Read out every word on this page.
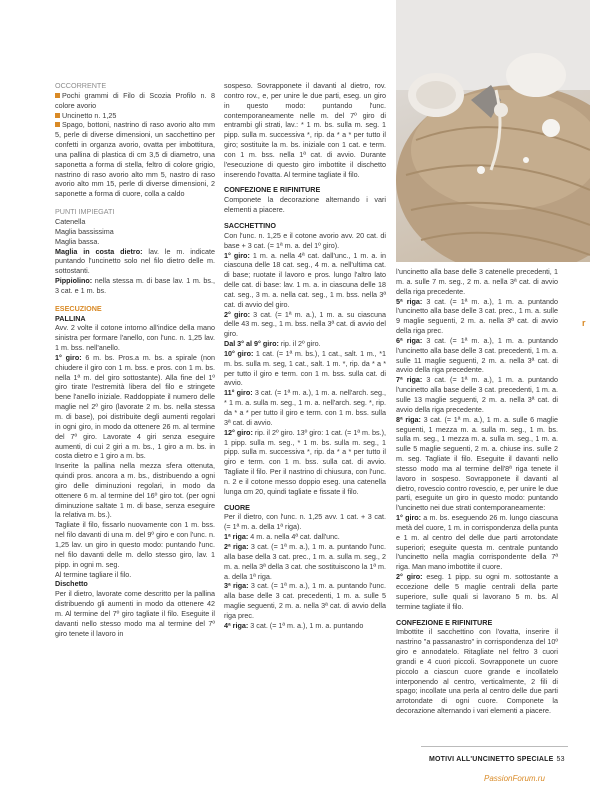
OCCORRENTE

Pochi grammi di Filo di Scozia Profilo n. 8 colore avorio

Uncinetto n. 1,25

Spago, bottoni, nastrino di raso avorio alto mm 5, perle di diverse dimensioni, un sacchettino per confetti in organza avorio, ovatta per imbottitura, una pallina di plastica di cm 3,5 di diametro, una saponetta a forma di stella, feltro di colore grigio, nastrino di raso avorio alto mm 5, nastro di raso avorio alto mm 15, perle di diverse dimensioni, 2 saponette a forma di cuore, colla a caldo

PUNTI IMPIEGATI

Catenella

Maglia bassissima

Maglia bassa.

Maglia in costa dietro: lav. le m. indicate puntando l'uncinetto solo nel filo dietro delle m. sottostanti.

Pippiolino: nella stessa m. di base lav. 1 m. bs., 3 cat. e 1 m. bs.

ESECUZIONE

PALLINA

Avv. 2 volte il cotone intorno all'indice della mano sinistra per formare l'anello, con l'unc. n. 1,25 lav. 1 m. bss. nell'anello.

1° giro: 6 m. bs. Pros.a m. bs. a spirale (non chiudere il giro con 1 m. bss. e pros. con 1 m. bs. nella 1ª m. del giro sottostante). Alla fine del 1º giro tirate l'estremità libera del filo e stringete bene l'anello iniziale. Raddoppiate il numero delle maglie nel 2º giro (lavorate 2 m. bs. nella stessa m. di base), poi distribuite degli aumenti regolari in ogni giro, in modo da ottenere 26 m. al termine del 7º giro. Lavorate 4 giri senza eseguire aumenti, di cui 2 giri a m. bs., 1 giro a m. bs. in costa dietro e 1 giro a m. bs.

Inserite la pallina nella mezza sfera ottenuta, quindi pros. ancora a m. bs., distribuendo a ogni giro delle diminuzioni regolari, in modo da ottenere 6 m. al termine del 16º giro tot. (per ogni diminuzione saltate 1 m. di base, senza eseguire la relativa m. bs.).

Tagliate il filo, fissarlo nuovamente con 1 m. bss. nel filo davanti di una m. del 9º giro e con l'unc. n. 1,25 lav. un giro in questo modo: puntando l'unc. nel filo davanti delle m. dello stesso giro, lav. 1 pipp. in ogni m. seg.

Al termine tagliare il filo.

Dischetto

Per il dietro, lavorate come descritto per la pallina distribuendo gli aumenti in modo da ottenere 42 m. Al termine del 7º giro tagliate il filo. Eseguite il davanti nello stesso modo ma al termine del 7º giro tenete il lavoro in

sospeso. Sovrapponete il davanti al dietro, rov. contro rov., e, per unire le due parti, eseg. un giro in questo modo: puntando l'unc. contemporaneamente nelle m. del 7º giro di entrambi gli strati, lav.: * 1 m. bs. sulla m. seg. 1 pipp. sulla m. successiva *, rip. da * a * per tutto il giro; sostituite la m. bs. iniziale con 1 cat. e term. con 1 m. bss. nella 1ª cat. di avvio. Durante l'esecuzione di questo giro imbottite il dischetto inserendo l'ovatta. Al termine tagliate il filo.

CONFEZIONE E RIFINITURE

Componete la decorazione alternando i vari elementi a piacere.

SACCHETTINO

Con l'unc. n. 1,25 e il cotone avorio avv. 20 cat. di base + 3 cat. (= 1ª m. a. del 1º giro).

1° giro: 1 m. a. nella 4ª cat. dall'unc., 1 m. a. in ciascuna delle 18 cat. seg., 4 m. a. nell'ultima cat. di base; ruotate il lavoro e pros. lungo l'altro lato delle cat. di base: lav. 1 m. a. in ciascuna delle 18 cat. seg., 3 m. a. nella cat. seg., 1 m. bss. nella 3ª cat. di avvio del giro.

2° giro: 3 cat. (= 1ª m. a.), 1 m. a. su ciascuna delle 43 m. seg., 1 m. bss. nella 3ª cat. di avvio del giro.

Dal 3° al 9° giro: rip. il 2º giro.

10° giro: 1 cat. (= 1ª m. bs.), 1 cat., salt. 1 m., *1 m. bs. sulla m. seg, 1 cat., salt. 1 m. *, rip. da * a * per tutto il giro e term. con 1 m. bss. sulla cat. di avvio.

11° giro: 3 cat. (= 1ª m. a.), 1 m. a. nell'arch. seg., * 1 m. a. sulla m. seg., 1 m. a. nell'arch. seg. *, rip. da * a * per tutto il giro e term. con 1 m. bss. sulla 3ª cat. di avvio.

12° giro: rip. il 2º giro. 13º giro: 1 cat. (= 1ª m. bs.), 1 pipp. sulla m. seg., * 1 m. bs. sulla m. seg., 1 pipp. sulla m. successiva *, rip. da * a * per tutto il giro e term. con 1 m. bss. sulla cat. di avvio. Tagliate il filo. Per il nastrino di chiusura, con l'unc. n. 2 e il cotone messo doppio eseg. una catenella lunga cm 20, quindi tagliate e fissate il filo.

CUORE

Per il dietro, con l'unc. n. 1,25 avv. 1 cat. + 3 cat. (= 1ª m. a. della 1ª riga).

1ª riga: 4 m. a. nella 4ª cat. dall'unc.

2ª riga: 3 cat. (= 1ª m. a.), 1 m. a. puntando l'unc. alla base della 3 cat. prec., 1 m. a. sulla m. seg., 2 m. a. nella 3ª della 3 cat. che sostituiscono la 1ª m. a. della 1ª riga.

3ª riga: 3 cat. (= 1ª m. a.), 1 m. a. puntando l'unc. alla base delle 3 cat. precedenti, 1 m. a. sulle 5 maglie seguenti, 2 m. a. nella 3ª cat. di avvio della riga prec.

4ª riga: 3 cat. (= 1ª m. a.), 1 m. a. puntando

l'uncinetto alla base delle 3 catenelle precedenti, 1 m. a. sulle 7 m. seg., 2 m. a. nella 3ª cat. di avvio della riga precedente.

5ª riga: 3 cat. (= 1ª m. a.), 1 m. a. puntando l'uncinetto alla base delle 3 cat. prec., 1 m. a. sulle 9 maglie seguenti, 2 m. a. nella 3ª cat. di avvio della riga prec.

6ª riga: 3 cat. (= 1ª m. a.), 1 m. a. puntando l'uncinetto alla base delle 3 cat. precedenti, 1 m. a. sulle 11 maglie seguenti, 2 m. a. nella 3ª cat. di avvio della riga precedente.

7ª riga: 3 cat. (= 1ª m. a.), 1 m. a. puntando l'uncinetto alla base delle 3 cat. precedenti, 1 m. a. sulle 13 maglie seguenti, 2 m. a. nella 3ª cat. di avvio della riga precedente.

8ª riga: 3 cat. (= 1ª m. a.), 1 m. a. sulle 6 maglie seguenti, 1 mezza m. a. sulla m. seg., 1 m. bs. sulla m. seg., 1 mezza m. a. sulla m. seg., 1 m. a. sulle 5 maglie seguenti, 2 m. a. chiuse ins. sulle 2 m. seg. Tagliate il filo. Eseguite il davanti nello stesso modo ma al termine dell'8ª riga tenete il lavoro in sospeso. Sovrapponete il davanti al dietro, rovescio contro rovescio, e, per unire le due parti, eseguite un giro in questo modo: puntando l'uncinetto nei due strati contemporaneamente:

1° giro: a m. bs. eseguendo 26 m. lungo ciascuna metà del cuore, 1 m. in corrispondenza della punta e 1 m. al centro del delle due parti arrotondate superiori; eseguite questa m. centrale puntando l'uncinetto nella maglia corrispondente della 7ª riga. Man mano imbottite il cuore.

2° giro: eseg. 1 pipp. su ogni m. sottostante a eccezione delle 5 maglie centrali della parte superiore, sulle quali si lavorano 5 m. bs. Al termine tagliate il filo.

CONFEZIONE E RIFINITURE

Imbottite il sacchettino con l'ovatta, inserire il nastrino "a passanastro" in corrispondenza del 10º giro e annodatelo. Ritagliate nel feltro 3 cuori grandi e 4 cuori piccoli. Sovrapponete un cuore piccolo a ciascun cuore grande e incollatelo interponendo al centro, verticalmente, 2 fili di spago; incollate una perla al centro delle due parti arrotondate di ogni cuore. Componete la decorazione alternando i vari elementi a piacere.

r
MOTIVI ALL'UNCINETTO SPECIALE 53
PassionForum.ru
